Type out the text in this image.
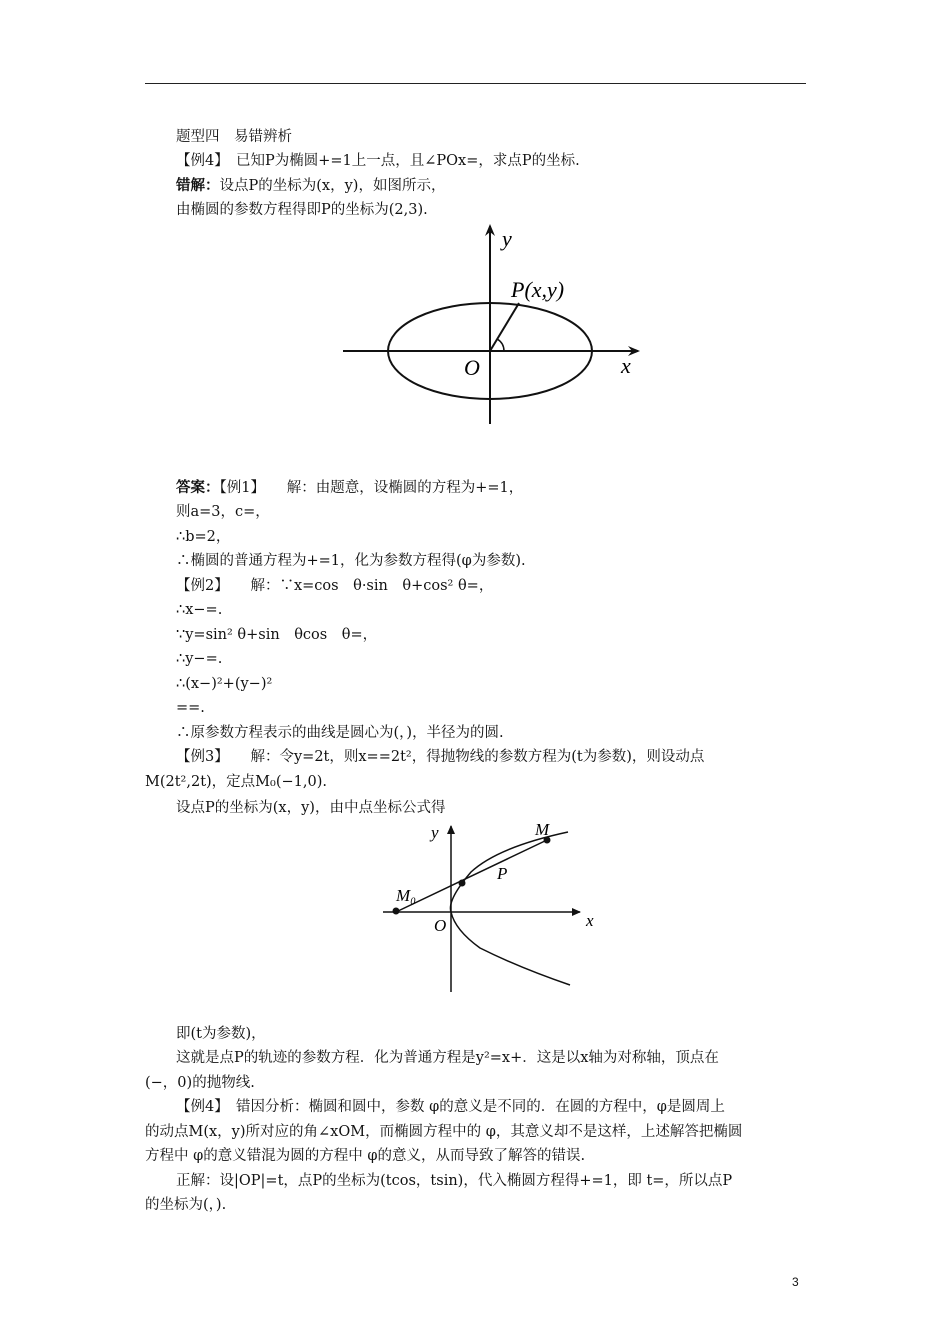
题型四　易错辨析
【例4】　已知P为椭圆+=1上一点，且∠POx=，求点P的坐标.
错解：设点P的坐标为(x，y)，如图所示，
由椭圆的参数方程得即P的坐标为(2,3).
y
x
O
P(x,y)
答案：【例1】　　解：由题意，设椭圆的方程为+=1，
则a=3，c=，
∴b=2，
∴椭圆的普通方程为+=1，化为参数方程得(φ为参数).
【例2】　　解：∵x=cos　θ·sin　θ+cos² θ=，
∴x−=.
∵y=sin² θ+sin　θcos　θ=，
∴y−=.
∴(x−)²+(y−)²
==.
∴原参数方程表示的曲线是圆心为(，)，半径为的圆.
【例3】　　解：令y=2t，则x==2t²，得抛物线的参数方程为(t为参数)，则设动点
M(2t²,2t)，定点M₀(−1,0).
设点P的坐标为(x，y)，由中点坐标公式得
y
x
O
M
M₀
P
即(t为参数)，
这就是点P的轨迹的参数方程．化为普通方程是y²=x+．这是以x轴为对称轴，顶点在
(−，0)的抛物线.
【例4】　错因分析：椭圆和圆中，参数 φ的意义是不同的．在圆的方程中，φ是圆周上
的动点M(x，y)所对应的角∠xOM，而椭圆方程中的 φ，其意义却不是这样，上述解答把椭圆
方程中 φ的意义错混为圆的方程中 φ的意义，从而导致了解答的错误.
正解：设|OP|=t，点P的坐标为(tcos，tsin)，代入椭圆方程得+=1，即 t=，所以点P
的坐标为(，).
3
